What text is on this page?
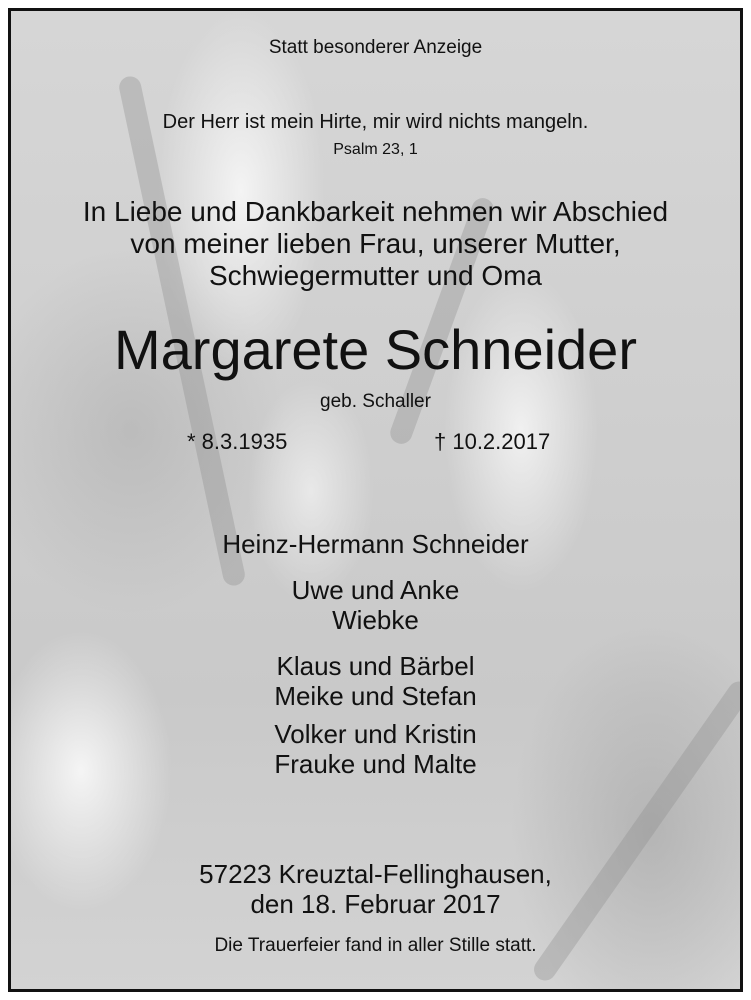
Statt besonderer Anzeige
Der Herr ist mein Hirte, mir wird nichts mangeln.
Psalm 23, 1
In Liebe und Dankbarkeit nehmen wir Abschied
von meiner lieben Frau, unserer Mutter,
Schwiegermutter und Oma
Margarete Schneider
geb. Schaller
* 8.3.1935	† 10.2.2017
Heinz-Hermann Schneider
Uwe und Anke
Wiebke
Klaus und Bärbel
Meike und Stefan
Volker und Kristin
Frauke und Malte
57223 Kreuztal-Fellinghausen,
den 18. Februar 2017
Die Trauerfeier fand in aller Stille statt.
